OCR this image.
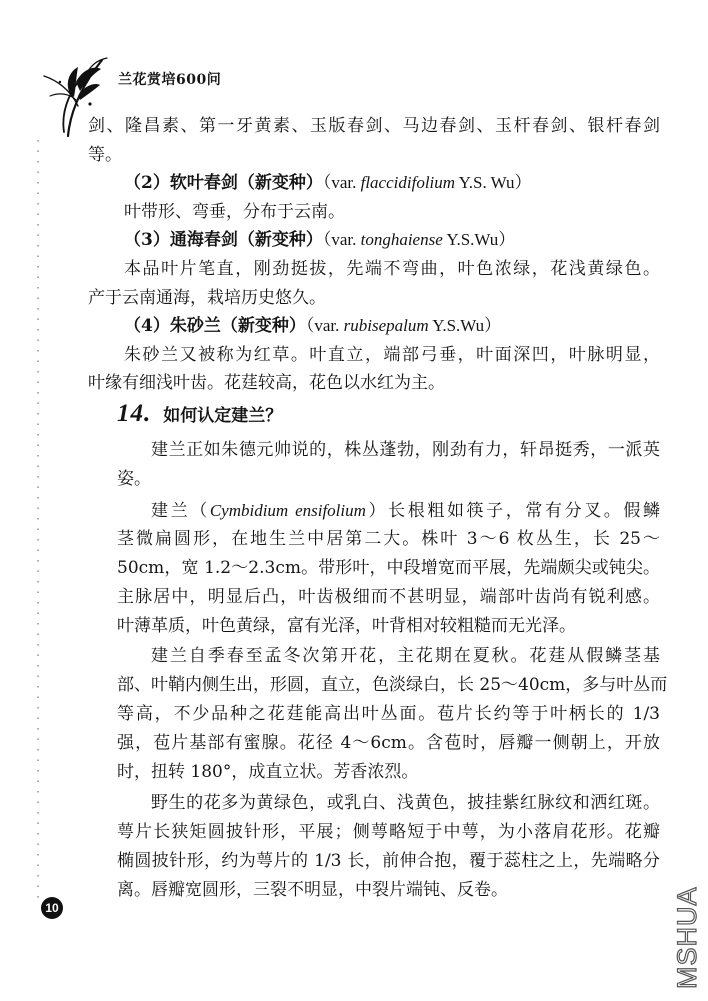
兰花赏培600问
剑、隆昌素、第一牙黄素、玉版春剑、马边春剑、玉杆春剑、银杆春剑
等。
（2）软叶春剑（新变种）（var. flaccidifolium Y.S. Wu）
叶带形、弯垂，分布于云南。
（3）通海春剑（新变种）（var. tonghaiense Y.S.Wu）
本品叶片笔直，刚劲挺拔，先端不弯曲，叶色浓绿，花浅黄绿色。
产于云南通海，栽培历史悠久。
（4）朱砂兰（新变种）（var. rubisepalum Y.S.Wu）
朱砂兰又被称为红草。叶直立，端部弓垂，叶面深凹，叶脉明显，
叶缘有细浅叶齿。花莛较高，花色以水红为主。
14. 如何认定建兰？
建兰正如朱德元帅说的，株丛蓬勃，刚劲有力，轩昂挺秀，一派英
姿。
建兰（Cymbidium ensifolium）长根粗如筷子，常有分叉。假鳞
茎微扁圆形，在地生兰中居第二大。株叶 3～6 枚丛生，长 25～
50cm，宽 1.2～2.3cm。带形叶，中段增宽而平展，先端颇尖或钝尖。
主脉居中，明显后凸，叶齿极细而不甚明显，端部叶齿尚有锐利感。
叶薄革质，叶色黄绿，富有光泽，叶背相对较粗糙而无光泽。
建兰自季春至孟冬次第开花，主花期在夏秋。花莛从假鳞茎基
部、叶鞘内侧生出，形圆，直立，色淡绿白，长 25～40cm，多与叶丛而
等高，不少品种之花莛能高出叶丛面。苞片长约等于叶柄长的 1/3
强，苞片基部有蜜腺。花径 4～6cm。含苞时，唇瓣一侧朝上，开放
时，扭转 180°，成直立状。芳香浓烈。
野生的花多为黄绿色，或乳白、浅黄色，披挂紫红脉纹和洒红斑。
萼片长狭矩圆披针形，平展；侧萼略短于中萼，为小落肩花形。花瓣
椭圆披针形，约为萼片的 1/3 长，前伸合抱，覆于蕊柱之上，先端略分
离。唇瓣宽圆形，三裂不明显，中裂片端钝、反卷。
10	MSHUA
